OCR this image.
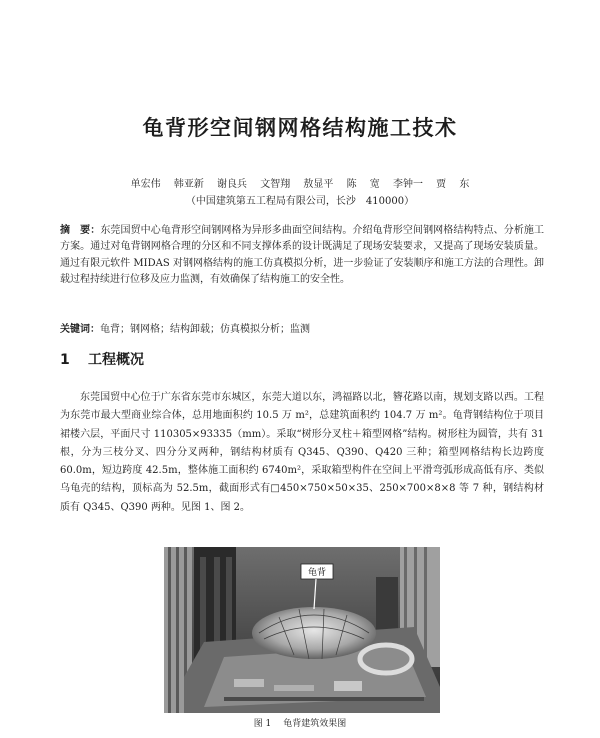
龟背形空间钢网格结构施工技术
单宏伟 韩亚新 谢良兵 文智翔 敖显平 陈 宽 李钟一 贾 东
（中国建筑第五工程局有限公司，长沙　410000）
摘　要：东莞国贸中心龟背形空间钢网格为异形多曲面空间结构。介绍龟背形空间钢网格结构特点、分析施工方案。通过对龟背钢网格合理的分区和不同支撑体系的设计既满足了现场安装要求，又提高了现场安装质量。通过有限元软件 MIDAS 对钢网格结构的施工仿真模拟分析，进一步验证了安装顺序和施工方法的合理性。卸载过程持续进行位移及应力监测，有效确保了结构施工的安全性。
关键词：龟背；钢网格；结构卸载；仿真模拟分析；监测
1 工程概况
东莞国贸中心位于广东省东莞市东城区，东莞大道以东，鸿福路以北，簪花路以南，规划支路以西。工程为东莞市最大型商业综合体，总用地面积约 10.5 万 m²，总建筑面积约 104.7 万 m²。龟背钢结构位于项目裙楼六层，平面尺寸 110305×93335（mm）。采取“树形分叉柱＋箱型网格”结构。树形柱为圆管，共有 31 根，分为三枝分叉、四分分叉两种，钢结构材质有 Q345、Q390、Q420 三种；箱型网格结构长边跨度 60.0m，短边跨度 42.5m，整体施工面积约 6740m²，采取箱型构件在空间上平滑弯弧形成高低有序、类似乌龟壳的结构，顶标高为 52.5m，截面形式有□450×750×50×35、250×700×8×8 等 7 种，钢结构材质有 Q345、Q390 两种。见图 1、图 2。
龟背
图 1 龟背建筑效果图
